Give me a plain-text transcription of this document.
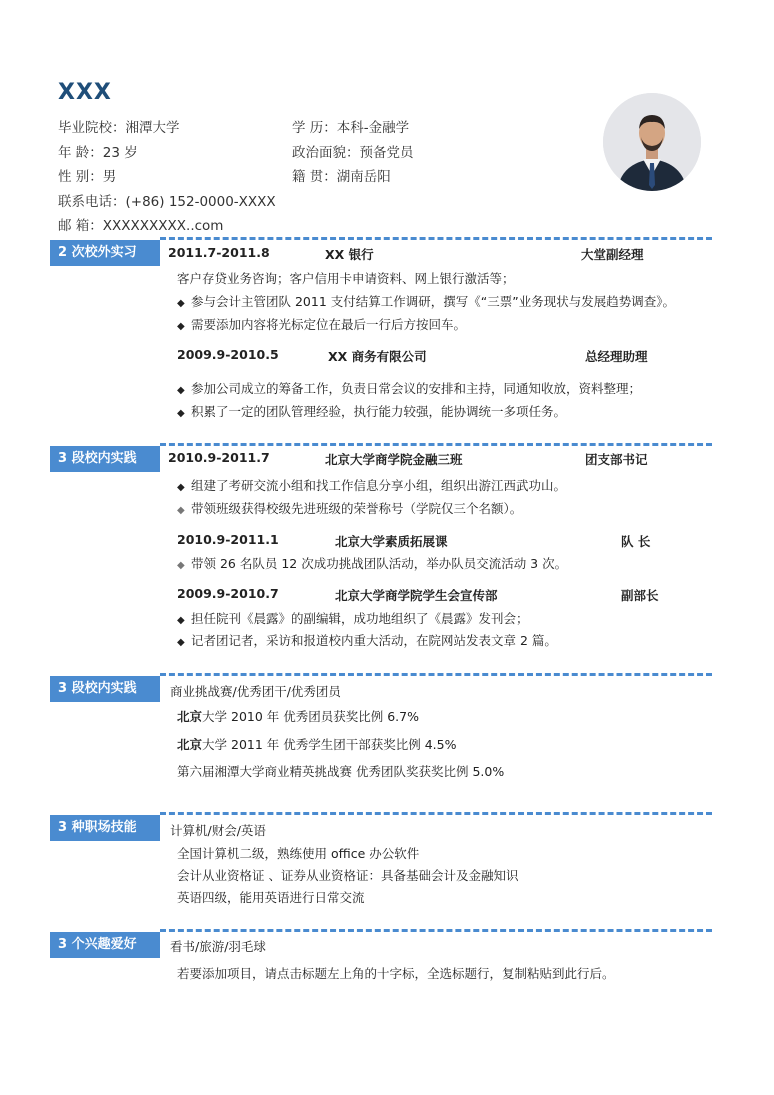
XXX
毕业院校：湘潭大学
年 龄：23 岁
性 别：男
联系电话：(+86) 152-0000-XXXX
邮 箱：XXXXXXXXX..com
学 历：本科-金融学
政治面貌：预备党员
籍 贯：湖南岳阳
2 次校外实习	2011.7-2011.8	XX 银行	大堂副经理
客户存贷业务咨询；客户信用卡申请资料、网上银行激活等；
◆ 参与会计主管团队 2011 支付结算工作调研，撰写《“三票”业务现状与发展趋势调查》。
◆ 需要添加内容将光标定位在最后一行后方按回车。
2009.9-2010.5	XX 商务有限公司	总经理助理
◆ 参加公司成立的筹备工作，负责日常会议的安排和主持，同通知收放，资料整理；
◆ 积累了一定的团队管理经验，执行能力较强，能协调统一多项任务。
3 段校内实践	2010.9-2011.7	北京大学商学院金融三班	团支部书记
◆ 组建了考研交流小组和找工作信息分享小组，组织出游江西武功山。
◆ 带领班级获得校级先进班级的荣誉称号（学院仅三个名额）。
2010.9-2011.1	北京大学素质拓展课	队 长
◆ 带领 26 名队员 12 次成功挑战团队活动，举办队员交流活动 3 次。
2009.9-2010.7	北京大学商学院学生会宣传部	副部长
◆ 担任院刊《晨露》的副编辑，成功地组织了《晨露》发刊会；
◆ 记者团记者，采访和报道校内重大活动，在院网站发表文章 2 篇。
3 段校内实践	商业挑战赛/优秀团干/优秀团员
北京大学 2010 年 优秀团员获奖比例 6.7%
北京大学 2011 年 优秀学生团干部获奖比例 4.5%
第六届湘潭大学商业精英挑战赛 优秀团队奖获奖比例 5.0%
3 种职场技能	计算机/财会/英语
全国计算机二级，熟练使用 office 办公软件
会计从业资格证 、证券从业资格证：具备基础会计及金融知识
英语四级，能用英语进行日常交流
3 个兴趣爱好	看书/旅游/羽毛球
若要添加项目，请点击标题左上角的十字标，全选标题行，复制粘贴到此行后。
